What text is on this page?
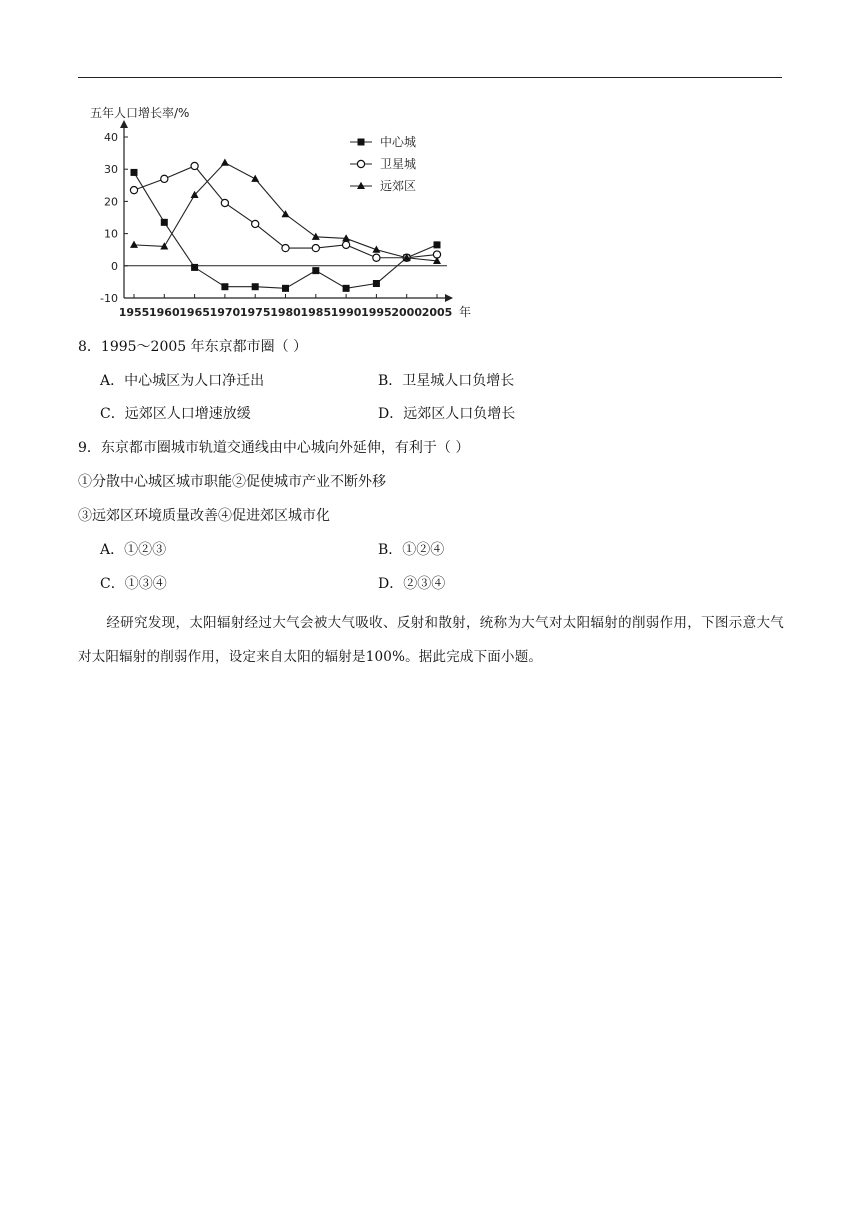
五年人口增长率/%
年
40
30
20
10
0
-10
1955 1960 1965 1970 1975 1980 1985 1990 1995 2000 2005
中心城
卫星城
远郊区
8．1995～2005 年东京都市圈（ ）
A．中心城区为人口净迁出	B．卫星城人口负增长
C．远郊区人口增速放缓	D．远郊区人口负增长
9．东京都市圈城市轨道交通线由中心城向外延伸，有利于（ ）
①分散中心城区城市职能②促使城市产业不断外移
③远郊区环境质量改善④促进郊区城市化
A．①②③	B．①②④
C．①③④	D．②③④
经研究发现，太阳辐射经过大气会被大气吸收、反射和散射，统称为大气对太阳辐射的削弱作用，下图示意大气对太阳辐射的削弱作用，设定来自太阳的辐射是100%。据此完成下面小题。
